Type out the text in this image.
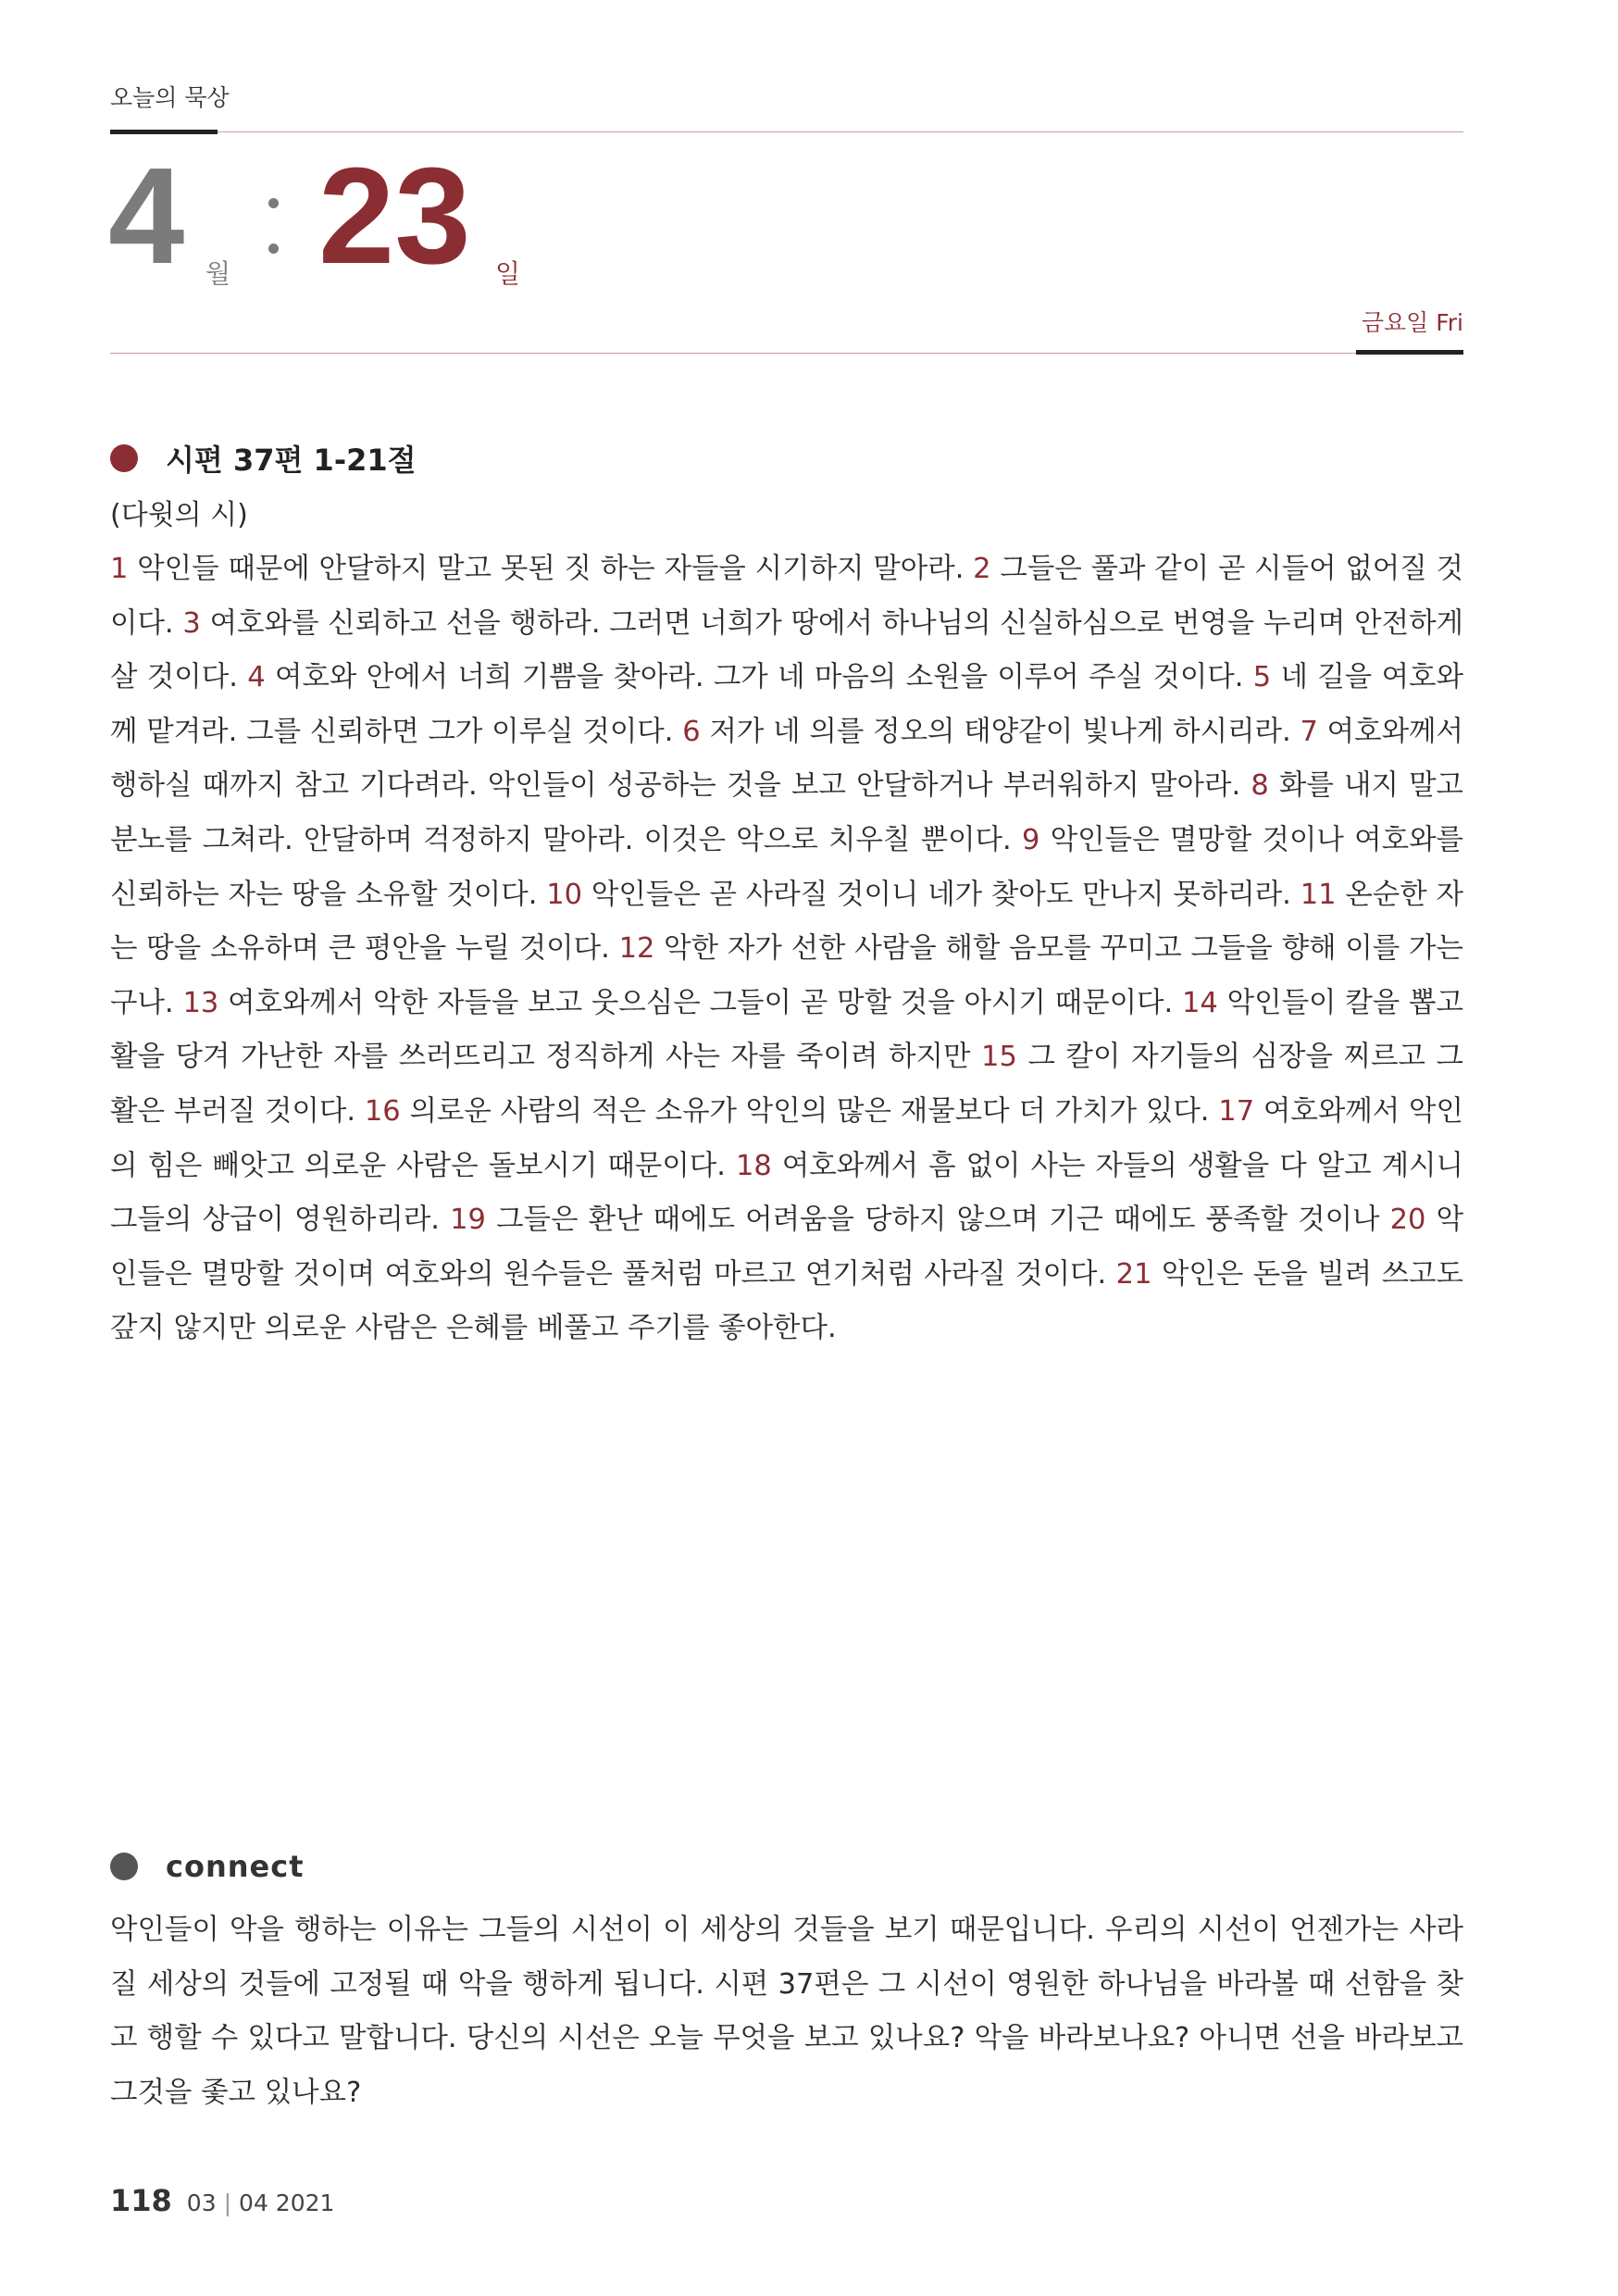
오늘의 묵상
4 월 23 일
금요일 Fri
시편 37편 1-21절
(다윗의 시)

1 악인들 때문에 안달하지 말고 못된 짓 하는 자들을 시기하지 말아라. 2 그들은 풀과 같이 곧 시들어 없어질 것이다. 3 여호와를 신뢰하고 선을 행하라. 그러면 너희가 땅에서 하나님의 신실하심으로 번영을 누리며 안전하게 살 것이다. 4 여호와 안에서 너희 기쁨을 찾아라. 그가 네 마음의 소원을 이루어 주실 것이다. 5 네 길을 여호와께 맡겨라. 그를 신뢰하면 그가 이루실 것이다. 6 저가 네 의를 정오의 태양같이 빛나게 하시리라. 7 여호와께서 행하실 때까지 참고 기다려라. 악인들이 성공하는 것을 보고 안달하거나 부러워하지 말아라. 8 화를 내지 말고 분노를 그쳐라. 안달하며 걱정하지 말아라. 이것은 악으로 치우칠 뿐이다. 9 악인들은 멸망할 것이나 여호와를 신뢰하는 자는 땅을 소유할 것이다. 10 악인들은 곧 사라질 것이니 네가 찾아도 만나지 못하리라. 11 온순한 자는 땅을 소유하며 큰 평안을 누릴 것이다. 12 악한 자가 선한 사람을 해할 음모를 꾸미고 그들을 향해 이를 가는구나. 13 여호와께서 악한 자들을 보고 웃으심은 그들이 곧 망할 것을 아시기 때문이다. 14 악인들이 칼을 뽑고 활을 당겨 가난한 자를 쓰러뜨리고 정직하게 사는 자를 죽이려 하지만 15 그 칼이 자기들의 심장을 찌르고 그 활은 부러질 것이다. 16 의로운 사람의 적은 소유가 악인의 많은 재물보다 더 가치가 있다. 17 여호와께서 악인의 힘은 빼앗고 의로운 사람은 돌보시기 때문이다. 18 여호와께서 흠 없이 사는 자들의 생활을 다 알고 계시니 그들의 상급이 영원하리라. 19 그들은 환난 때에도 어려움을 당하지 않으며 기근 때에도 풍족할 것이나 20 악인들은 멸망할 것이며 여호와의 원수들은 풀처럼 마르고 연기처럼 사라질 것이다. 21 악인은 돈을 빌려 쓰고도 갚지 않지만 의로운 사람은 은혜를 베풀고 주기를 좋아한다.

connect

악인들이 악을 행하는 이유는 그들의 시선이 이 세상의 것들을 보기 때문입니다. 우리의 시선이 언젠가는 사라질 세상의 것들에 고정될 때 악을 행하게 됩니다. 시편 37편은 그 시선이 영원한 하나님을 바라볼 때 선함을 찾고 행할 수 있다고 말합니다. 당신의 시선은 오늘 무엇을 보고 있나요? 악을 바라보나요? 아니면 선을 바라보고 그것을 좇고 있나요?

118 03 | 04 2021
